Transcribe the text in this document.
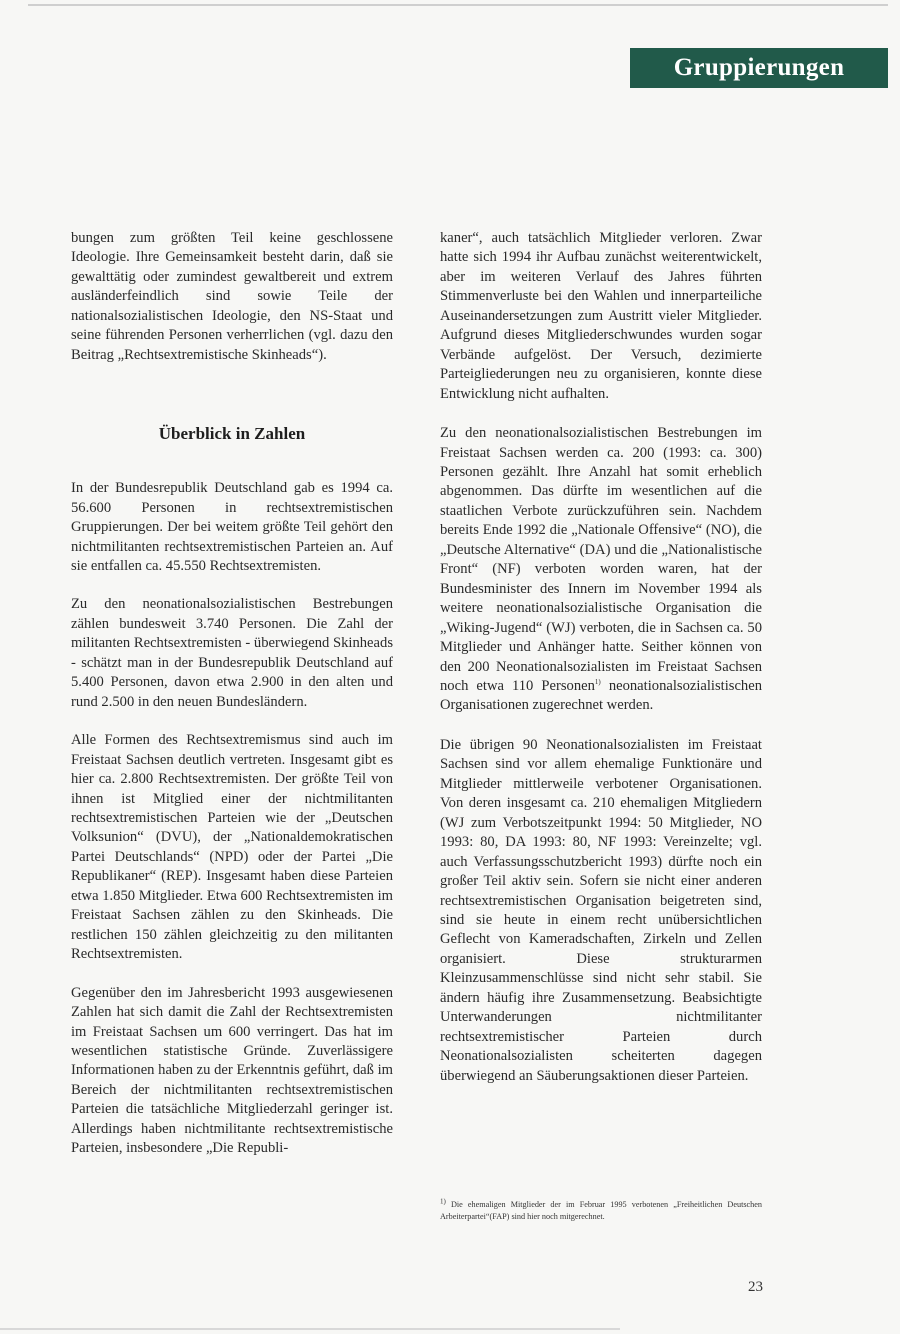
Gruppierungen

bungen zum größten Teil keine geschlossene Ideologie. Ihre Gemeinsamkeit besteht darin, daß sie gewalttätig oder zumindest gewaltbereit und extrem ausländerfeindlich sind sowie Teile der nationalsozialistischen Ideologie, den NS-Staat und seine führenden Personen verherrlichen (vgl. dazu den Beitrag „Rechtsextremistische Skinheads“).

Überblick in Zahlen

In der Bundesrepublik Deutschland gab es 1994 ca. 56.600 Personen in rechtsextremistischen Gruppierungen. Der bei weitem größte Teil gehört den nichtmilitanten rechtsextremistischen Parteien an. Auf sie entfallen ca. 45.550 Rechtsextremisten.

Zu den neonationalsozialistischen Bestrebungen zählen bundesweit 3.740 Personen. Die Zahl der militanten Rechtsextremisten - überwiegend Skinheads - schätzt man in der Bundesrepublik Deutschland auf 5.400 Personen, davon etwa 2.900 in den alten und rund 2.500 in den neuen Bundesländern.

Alle Formen des Rechtsextremismus sind auch im Freistaat Sachsen deutlich vertreten. Insgesamt gibt es hier ca. 2.800 Rechtsextremisten. Der größte Teil von ihnen ist Mitglied einer der nichtmilitanten rechtsextremistischen Parteien wie der „Deutschen Volksunion“ (DVU), der „Nationaldemokratischen Partei Deutschlands“ (NPD) oder der Partei „Die Republikaner“ (REP). Insgesamt haben diese Parteien etwa 1.850 Mitglieder. Etwa 600 Rechtsextremisten im Freistaat Sachsen zählen zu den Skinheads. Die restlichen 150 zählen gleichzeitig zu den militanten Rechtsextremisten.

Gegenüber den im Jahresbericht 1993 ausgewiesenen Zahlen hat sich damit die Zahl der Rechtsextremisten im Freistaat Sachsen um 600 verringert. Das hat im wesentlichen statistische Gründe. Zuverlässigere Informationen haben zu der Erkenntnis geführt, daß im Bereich der nichtmilitanten rechtsextremistischen Parteien die tatsächliche Mitgliederzahl geringer ist. Allerdings haben nichtmilitante rechtsextremistische Parteien, insbesondere „Die Republi-

kaner“, auch tatsächlich Mitglieder verloren. Zwar hatte sich 1994 ihr Aufbau zunächst weiterentwickelt, aber im weiteren Verlauf des Jahres führten Stimmenverluste bei den Wahlen und innerparteiliche Auseinandersetzungen zum Austritt vieler Mitglieder. Aufgrund dieses Mitgliederschwundes wurden sogar Verbände aufgelöst. Der Versuch, dezimierte Parteigliederungen neu zu organisieren, konnte diese Entwicklung nicht aufhalten.

Zu den neonationalsozialistischen Bestrebungen im Freistaat Sachsen werden ca. 200 (1993: ca. 300) Personen gezählt. Ihre Anzahl hat somit erheblich abgenommen. Das dürfte im wesentlichen auf die staatlichen Verbote zurückzuführen sein. Nachdem bereits Ende 1992 die „Nationale Offensive“ (NO), die „Deutsche Alternative“ (DA) und die „Nationalistische Front“ (NF) verboten worden waren, hat der Bundesminister des Innern im November 1994 als weitere neonationalsozialistische Organisation die „Wiking-Jugend“ (WJ) verboten, die in Sachsen ca. 50 Mitglieder und Anhänger hatte. Seither können von den 200 Neonationalsozialisten im Freistaat Sachsen noch etwa 110 Personen$^{1)}$ neonationalsozialistischen Organisationen zugerechnet werden.

Die übrigen 90 Neonationalsozialisten im Freistaat Sachsen sind vor allem ehemalige Funktionäre und Mitglieder mittlerweile verbotener Organisationen. Von deren insgesamt ca. 210 ehemaligen Mitgliedern (WJ zum Verbotszeitpunkt 1994: 50 Mitglieder, NO 1993: 80, DA 1993: 80, NF 1993: Vereinzelte; vgl. auch Verfassungsschutzbericht 1993) dürfte noch ein großer Teil aktiv sein. Sofern sie nicht einer anderen rechtsextremistischen Organisation beigetreten sind, sind sie heute in einem recht unübersichtlichen Geflecht von Kameradschaften, Zirkeln und Zellen organisiert. Diese strukturarmen Kleinzusammenschlüsse sind nicht sehr stabil. Sie ändern häufig ihre Zusammensetzung. Beabsichtigte Unterwanderungen nichtmilitanter rechtsextremistischer Parteien durch Neonationalsozialisten scheiterten dagegen überwiegend an Säuberungsaktionen dieser Parteien.

$^{1)}$ Die ehemaligen Mitglieder der im Februar 1995 verbotenen „Freiheitlichen Deutschen Arbeiterpartei“(FAP) sind hier noch mitgerechnet.
23
